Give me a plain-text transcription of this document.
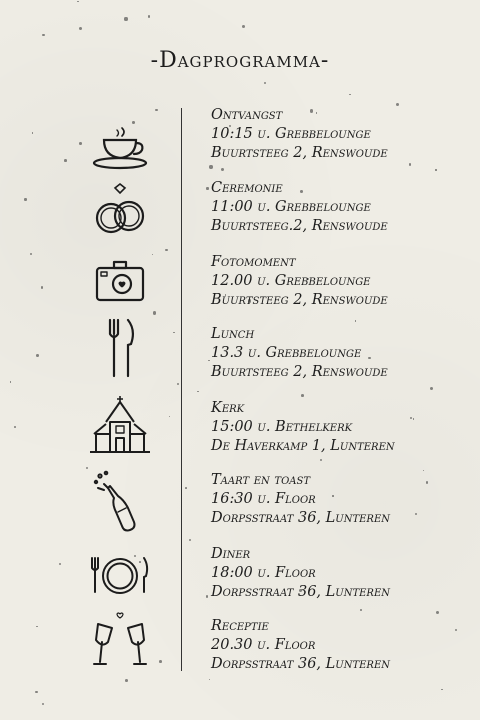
-Dagprogramma-
Ontvangst
10:15 u. Grebbelounge
Buurtsteeg 2, Renswoude
Ceremonie
11:00 u. Grebbelounge
Buurtsteeg.2, Renswoude
Fotomoment
12.00 u. Grebbelounge
Buurtsteeg 2, Renswoude
Lunch
13.3 u. Grebbelounge
Buurtsteeg 2, Renswoude
Kerk
15:00 u. Bethelkerk
De Haverkamp 1, Lunteren
Taart en toast
16:30 u. Floor
Dorpsstraat 36, Lunteren
Diner
18:00 u. Floor
Dorpsstraat 36, Lunteren
Receptie
20.30 u. Floor
Dorpsstraat 36, Lunteren
